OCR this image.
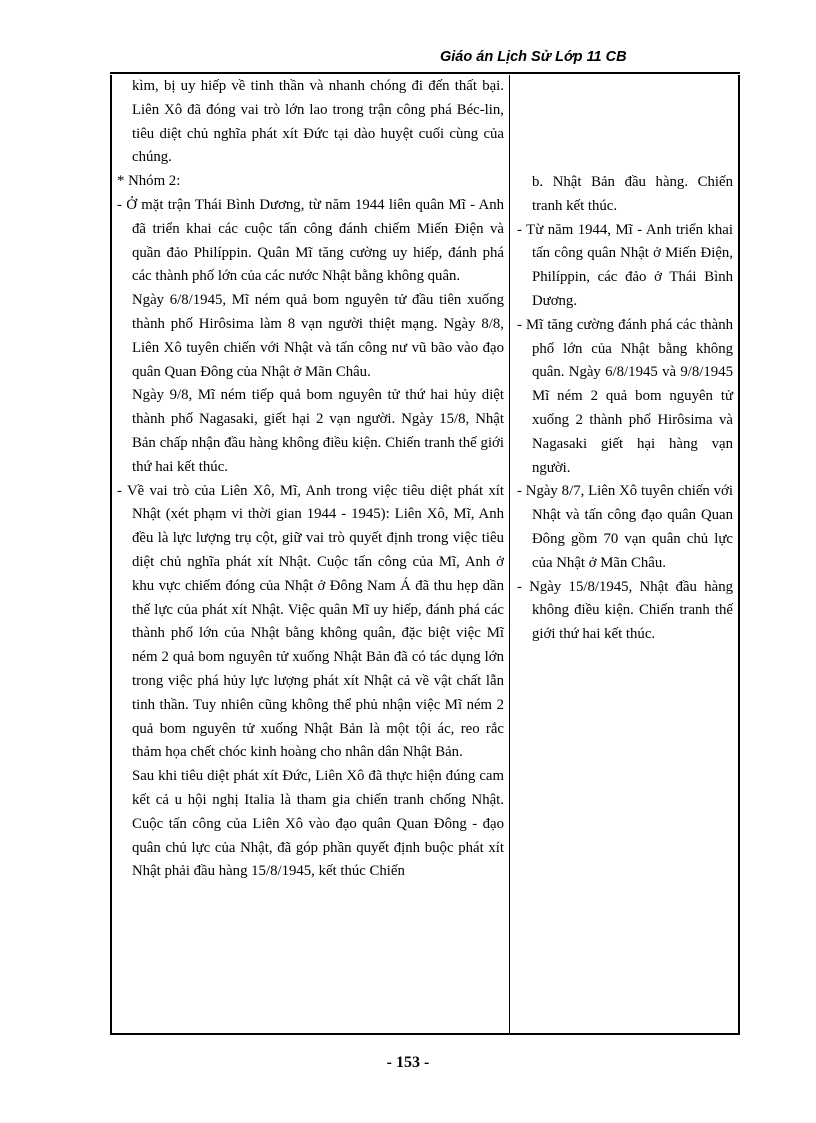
Giáo án Lịch Sử Lớp 11 CB

kìm, bị uy hiếp về tinh thần và nhanh chóng đi đến thất bại. Liên Xô đã đóng vai trò lớn lao trong trận công phá Béc-lin, tiêu diệt chủ nghĩa phát xít Đức tại dào huyệt cuối cùng của chúng.

* Nhóm 2:

- Ở mặt trận Thái Bình Dương, từ năm 1944 liên quân Mĩ - Anh đã triển khai các cuộc tấn công đánh chiếm Miến Điện và quần đảo Philíppin. Quân Mĩ tăng cường uy hiếp, đánh phá các thành phố lớn của các nước Nhật bằng không quân.

Ngày 6/8/1945, Mĩ ném quả bom nguyên tử đầu tiên xuống thành phố Hirôsima làm 8 vạn người thiệt mạng. Ngày 8/8, Liên Xô tuyên chiến với Nhật và tấn công nư vũ bão vào đạo quân Quan Đông của Nhật ở Mãn Châu.

Ngày 9/8, Mĩ ném tiếp quả bom nguyên tử thứ hai hủy diệt thành phố Nagasaki, giết hại 2 vạn người. Ngày 15/8, Nhật Bản chấp nhận đầu hàng không điều kiện. Chiến tranh thế giới thứ hai kết thúc.

- Về vai trò của Liên Xô, Mĩ, Anh trong việc tiêu diệt phát xít Nhật (xét phạm vi thời gian 1944 - 1945): Liên Xô, Mĩ, Anh đều là lực lượng trụ cột, giữ vai trò quyết định trong việc tiêu diệt chủ nghĩa phát xít Nhật. Cuộc tấn công của Mĩ, Anh ở khu vực chiếm đóng của Nhật ở Đông Nam Á đã thu hẹp dần thế lực của phát xít Nhật. Việc quân Mĩ uy hiếp, đánh phá các thành phố lớn của Nhật bằng không quân, đặc biệt việc Mĩ ném 2 quả bom nguyên tử xuống Nhật Bản đã có tác dụng lớn trong việc phá hủy lực lượng phát xít Nhật cả về vật chất lẫn tinh thần. Tuy nhiên cũng không thể phủ nhận việc Mĩ ném 2 quả bom nguyên tử xuống Nhật Bản là một tội ác, reo rắc thảm họa chết chóc kinh hoàng cho nhân dân Nhật Bản.

Sau khi tiêu diệt phát xít Đức, Liên Xô đã thực hiện đúng cam kết cả u hội nghị Italia là tham gia chiến tranh chống Nhật. Cuộc tấn công của Liên Xô vào đạo quân Quan Đông - đạo quân chủ lực của Nhật, đã góp phần quyết định buộc phát xít Nhật phải đầu hàng 15/8/1945, kết thúc Chiến

b. Nhật Bản đầu hàng. Chiến tranh kết thúc.

- Từ năm 1944, Mĩ - Anh triển khai tấn công quân Nhật ở Miến Điện, Philíppin, các đảo ở Thái Bình Dương.

- Mĩ tăng cường đánh phá các thành phố lớn của Nhật bằng không quân. Ngày 6/8/1945 và 9/8/1945 Mĩ ném 2 quả bom nguyên tử xuống 2 thành phố Hirôsima và Nagasaki giết hại hàng vạn người.

- Ngày 8/7, Liên Xô tuyên chiến với Nhật và tấn công đạo quân Quan Đông gồm 70 vạn quân chủ lực của Nhật ở Mãn Châu.

- Ngày 15/8/1945, Nhật đầu hàng không điều kiện. Chiến tranh thế giới thứ hai kết thúc.

- 153 -
